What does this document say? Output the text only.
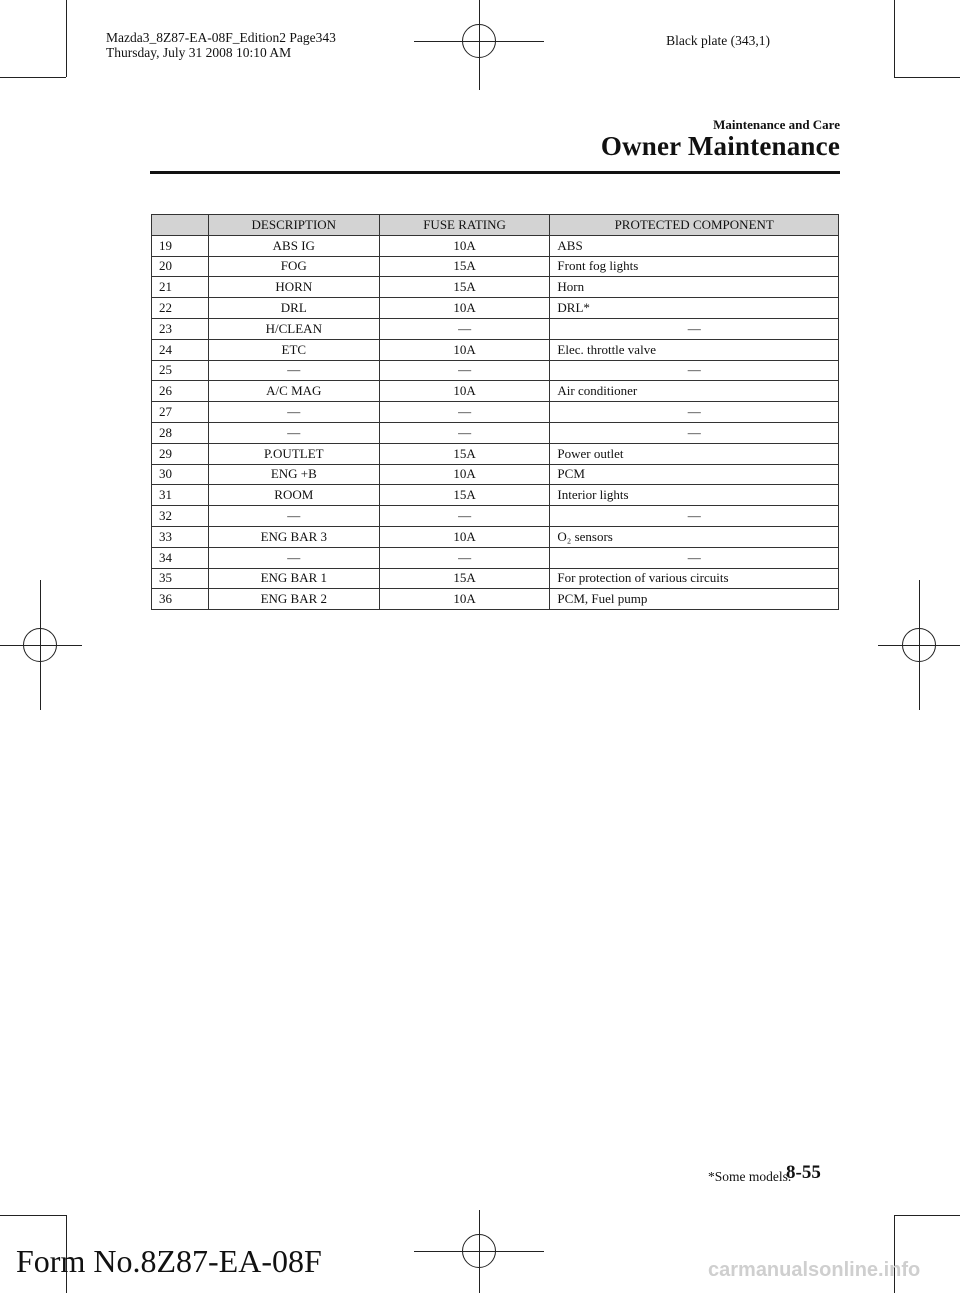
Mazda3_8Z87-EA-08F_Edition2 Page343
Thursday, July 31 2008 10:10 AM
Black plate (343,1)
Maintenance and Care
Owner Maintenance
	DESCRIPTION	FUSE RATING	PROTECTED COMPONENT
19	ABS IG	10A	ABS
20	FOG	15A	Front fog lights
21	HORN	15A	Horn
22	DRL	10A	DRL*
23	H/CLEAN	―	―
24	ETC	10A	Elec. throttle valve
25	―	―	―
26	A/C MAG	10A	Air conditioner
27	―	―	―
28	―	―	―
29	P.OUTLET	15A	Power outlet
30	ENG +B	10A	PCM
31	ROOM	15A	Interior lights
32	―	―	―
33	ENG BAR 3	10A	O₂ sensors
34	―	―	―
35	ENG BAR 1	15A	For protection of various circuits
36	ENG BAR 2	10A	PCM, Fuel pump
*Some models.
8-55
Form No.8Z87-EA-08F	carmanualsonline.info
